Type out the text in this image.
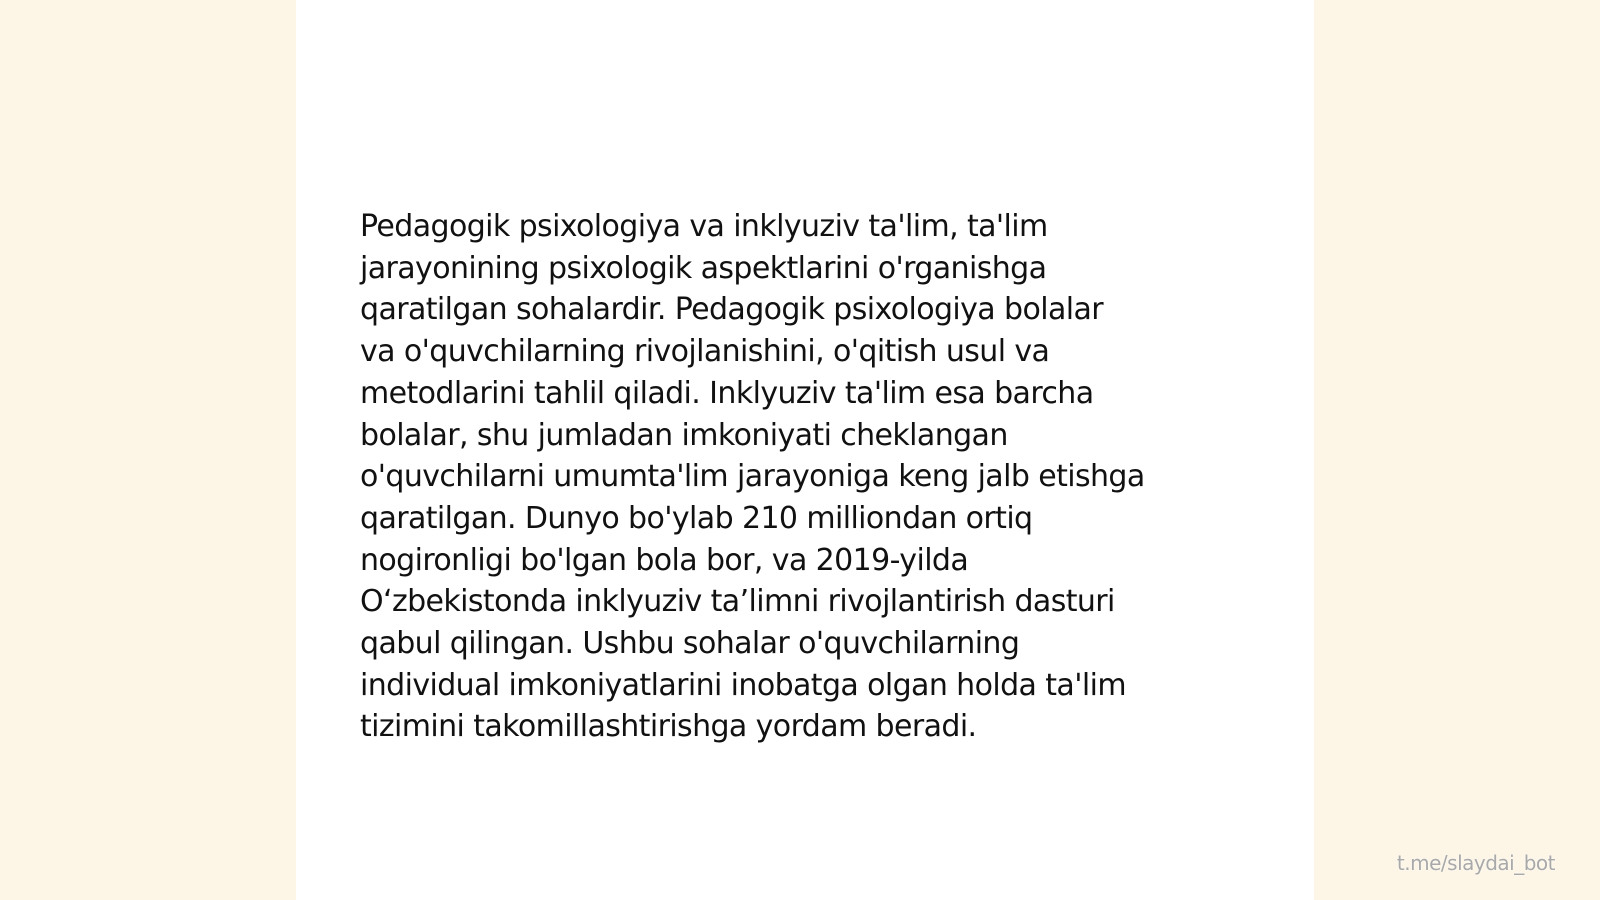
Pedagogik psixologiya va inklyuziv ta'lim, ta'lim
jarayonining psixologik aspektlarini o'rganishga
qaratilgan sohalardir. Pedagogik psixologiya bolalar
va o'quvchilarning rivojlanishini, o'qitish usul va
metodlarini tahlil qiladi. Inklyuziv ta'lim esa barcha
bolalar, shu jumladan imkoniyati cheklangan
o'quvchilarni umumta'lim jarayoniga keng jalb etishga
qaratilgan. Dunyo bo'ylab 210 milliondan ortiq
nogironligi bo'lgan bola bor, va 2019-yilda
O‘zbekistonda inklyuziv ta’limni rivojlantirish dasturi
qabul qilingan. Ushbu sohalar o'quvchilarning
individual imkoniyatlarini inobatga olgan holda ta'lim
tizimini takomillashtirishga yordam beradi.

t.me/slaydai_bot
